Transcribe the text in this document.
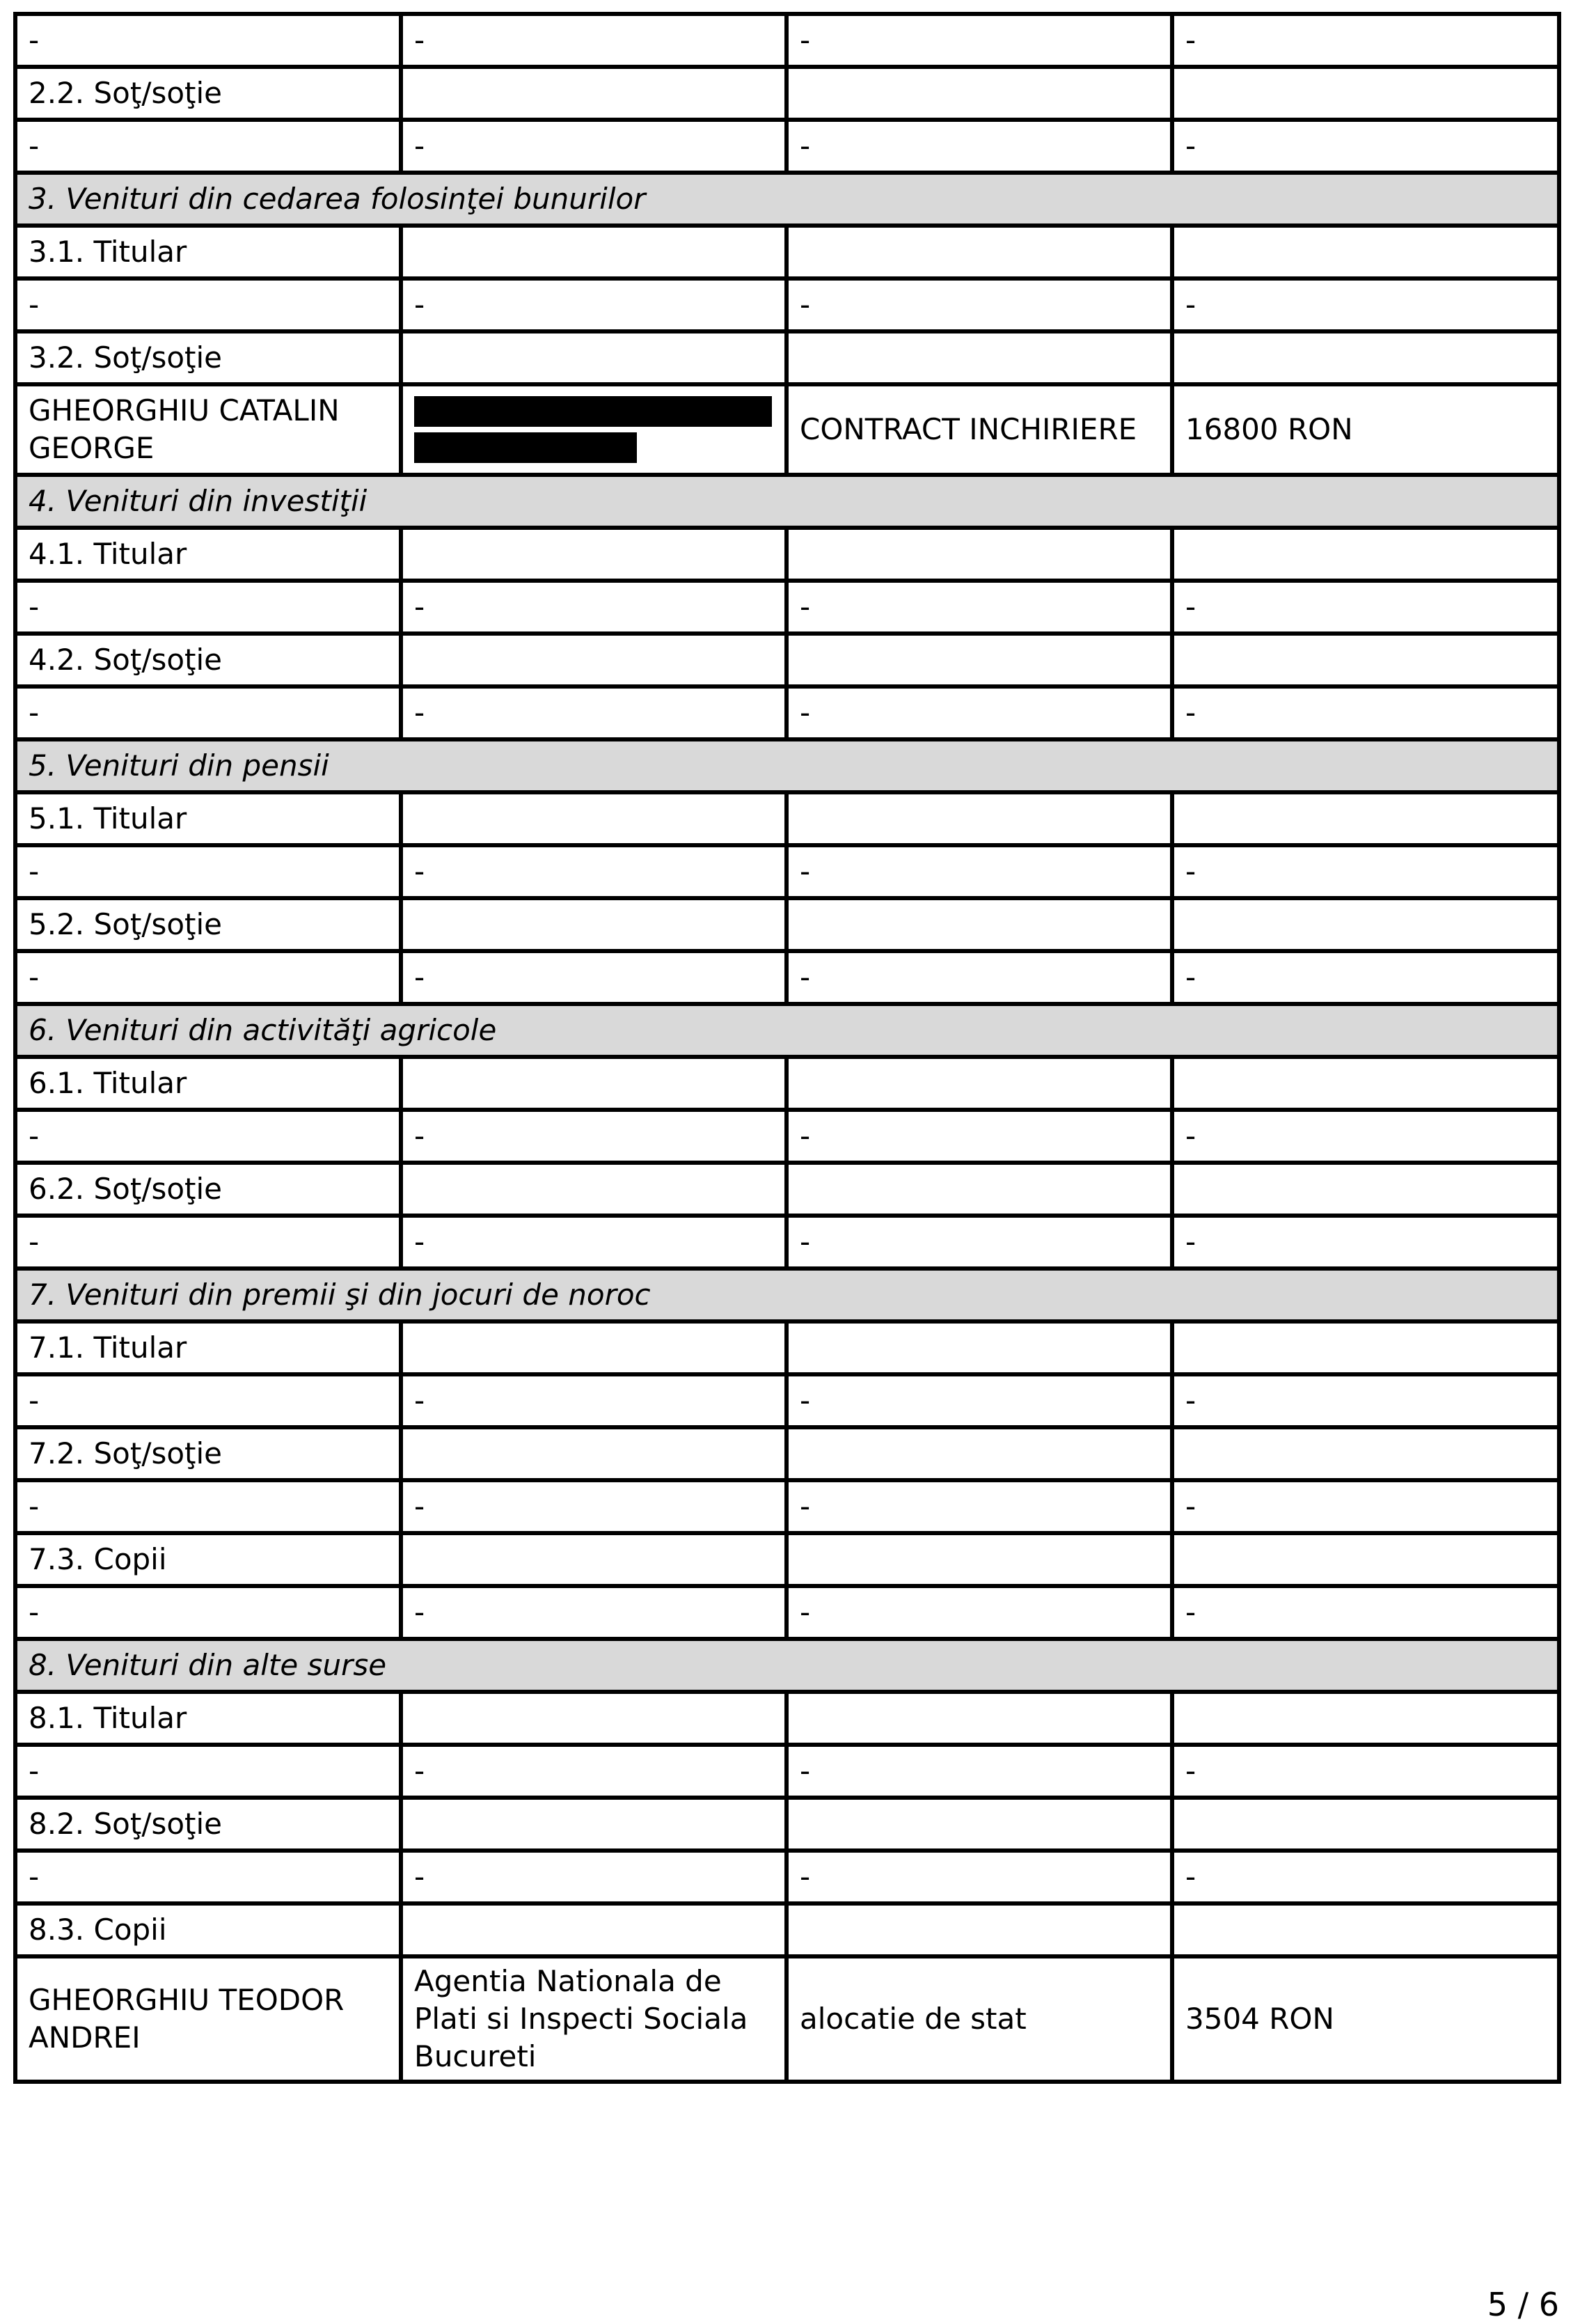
-	-	-	-
2.2. Soţ/soţie			
-	-	-	-
3. Venituri din cedarea folosinţei bunurilor			
3.1. Titular			
-	-	-	-
3.2. Soţ/soţie			
GHEORGHIU CATALIN GEORGE		CONTRACT INCHIRIERE	16800 RON
4. Venituri din investiţii			
4.1. Titular			
-	-	-	-
4.2. Soţ/soţie			
-	-	-	-
5. Venituri din pensii			
5.1. Titular			
-	-	-	-
5.2. Soţ/soţie			
-	-	-	-
6. Venituri din activităţi agricole			
6.1. Titular			
-	-	-	-
6.2. Soţ/soţie			
-	-	-	-
7. Venituri din premii şi din jocuri de noroc			
7.1. Titular			
-	-	-	-
7.2. Soţ/soţie			
-	-	-	-
7.3. Copii			
-	-	-	-
8. Venituri din alte surse			
8.1. Titular			
-	-	-	-
8.2. Soţ/soţie			
-	-	-	-
8.3. Copii			
GHEORGHIU TEODOR ANDREI	Agentia Nationala de Plati si Inspecti Sociala Bucureti	alocatie de stat	3504 RON
5 / 6
